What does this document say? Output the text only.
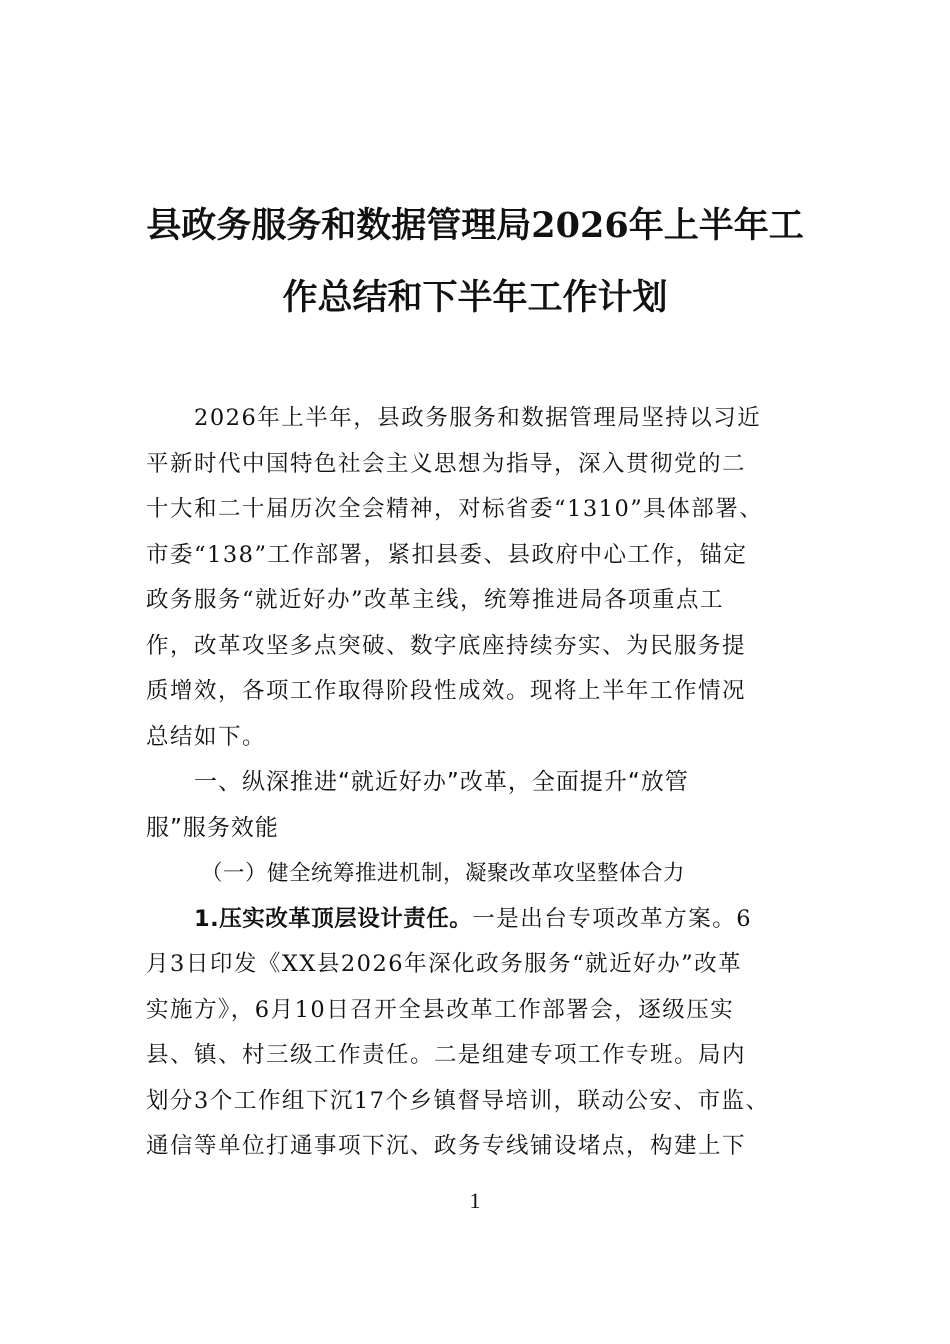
县政务服务和数据管理局2026年上半年工
作总结和下半年工作计划
2026年上半年，县政务服务和数据管理局坚持以习近
平新时代中国特色社会主义思想为指导，深入贯彻党的二
十大和二十届历次全会精神，对标省委“1310”具体部署、
市委“138”工作部署，紧扣县委、县政府中心工作，锚定
政务服务“就近好办”改革主线，统筹推进局各项重点工
作，改革攻坚多点突破、数字底座持续夯实、为民服务提
质增效，各项工作取得阶段性成效。现将上半年工作情况
总结如下。
一、纵深推进“就近好办”改革，全面提升“放管
服”服务效能
（一）健全统筹推进机制，凝聚改革攻坚整体合力
1.压实改革顶层设计责任。一是出台专项改革方案。6
月3日印发《XX县2026年深化政务服务“就近好办”改革
实施方》，6月10日召开全县改革工作部署会，逐级压实
县、镇、村三级工作责任。二是组建专项工作专班。局内
划分3个工作组下沉17个乡镇督导培训，联动公安、市监、
通信等单位打通事项下沉、政务专线铺设堵点，构建上下
1
